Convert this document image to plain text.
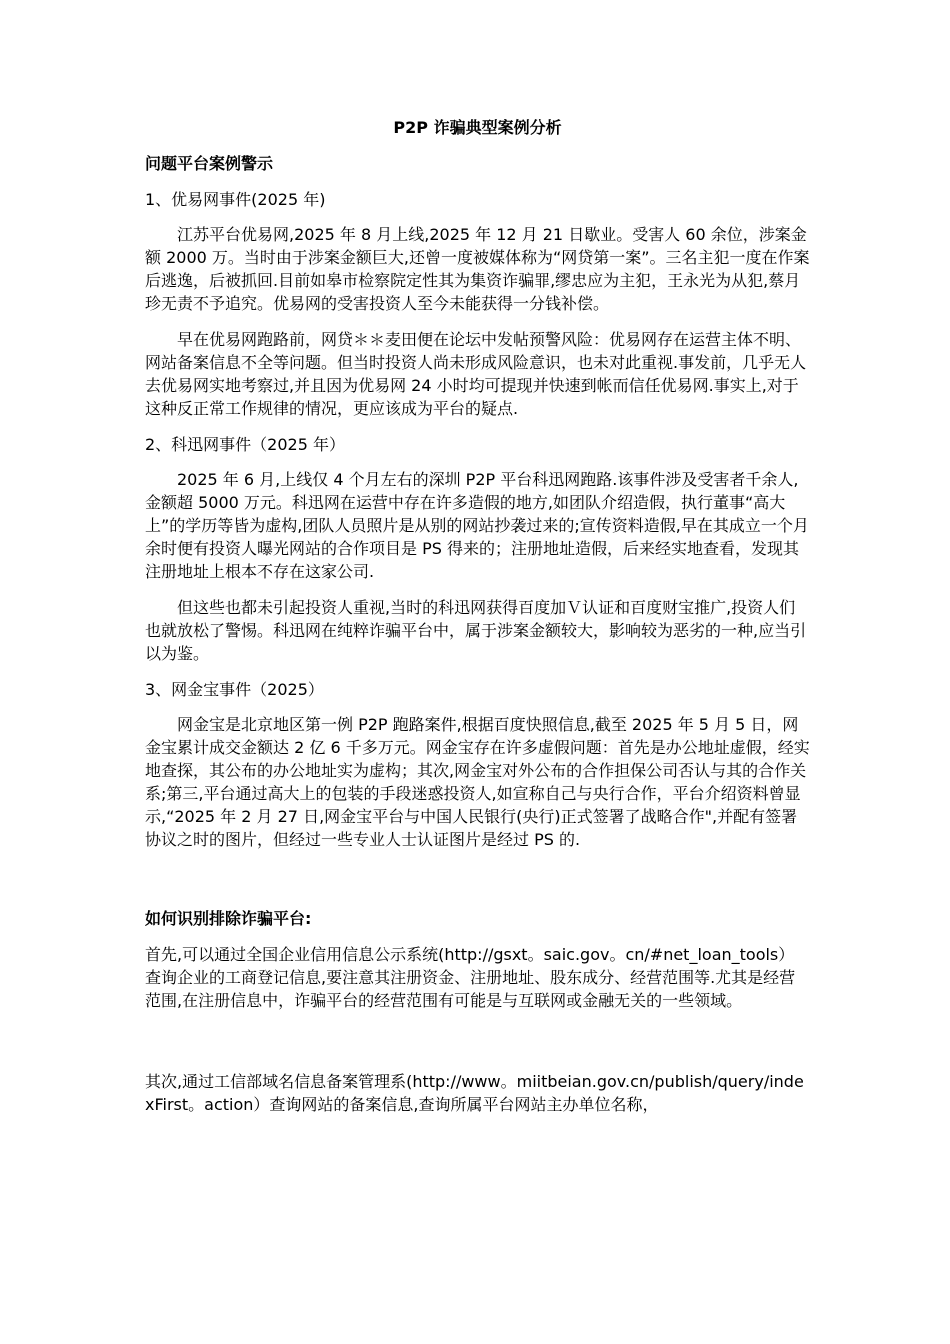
P2P 诈骗典型案例分析
问题平台案例警示
1、优易网事件(2025 年)
江苏平台优易网,2025 年 8 月上线,2025 年 12 月 21 日歇业。受害人 60 余位，涉案金额 2000 万。当时由于涉案金额巨大,还曾一度被媒体称为“网贷第一案”。三名主犯一度在作案后逃逸，后被抓回.目前如皋市检察院定性其为集资诈骗罪,缪忠应为主犯，王永光为从犯,蔡月珍无责不予追究。优易网的受害投资人至今未能获得一分钱补偿。
早在优易网跑路前，网贷＊＊麦田便在论坛中发帖预警风险：优易网存在运营主体不明、网站备案信息不全等问题。但当时投资人尚未形成风险意识，也未对此重视.事发前，几乎无人去优易网实地考察过,并且因为优易网 24 小时均可提现并快速到帐而信任优易网.事实上,对于这种反正常工作规律的情况，更应该成为平台的疑点.
2、科迅网事件（2025 年）
2025 年 6 月,上线仅 4 个月左右的深圳 P2P 平台科迅网跑路.该事件涉及受害者千余人,金额超 5000 万元。科迅网在运营中存在许多造假的地方,如团队介绍造假，执行董事“高大上”的学历等皆为虚构,团队人员照片是从别的网站抄袭过来的;宣传资料造假,早在其成立一个月余时便有投资人曝光网站的合作项目是 PS 得来的；注册地址造假，后来经实地查看，发现其注册地址上根本不存在这家公司.
但这些也都未引起投资人重视,当时的科迅网获得百度加Ｖ认证和百度财宝推广,投资人们也就放松了警惕。科迅网在纯粹诈骗平台中，属于涉案金额较大，影响较为恶劣的一种,应当引以为鉴。
3、网金宝事件（2025）
网金宝是北京地区第一例 P2P 跑路案件,根据百度快照信息,截至 2025 年 5 月 5 日，网金宝累计成交金额达 2 亿 6 千多万元。网金宝存在许多虚假问题：首先是办公地址虚假，经实地查探，其公布的办公地址实为虚构；其次,网金宝对外公布的合作担保公司否认与其的合作关系;第三,平台通过高大上的包装的手段迷惑投资人,如宣称自己与央行合作，平台介绍资料曾显示,“2025 年 2 月 27 日,网金宝平台与中国人民银行(央行)正式签署了战略合作",并配有签署协议之时的图片，但经过一些专业人士认证图片是经过 PS 的.
如何识别排除诈骗平台:
首先,可以通过全国企业信用信息公示系统(http://gsxt。saic.gov。cn/#net_loan_tools）查询企业的工商登记信息,要注意其注册资金、注册地址、股东成分、经营范围等.尤其是经营范围,在注册信息中，诈骗平台的经营范围有可能是与互联网或金融无关的一些领域。
其次,通过工信部域名信息备案管理系(http://www。miitbeian.gov.cn/publish/query/indexFirst。action）查询网站的备案信息,查询所属平台网站主办单位名称，
